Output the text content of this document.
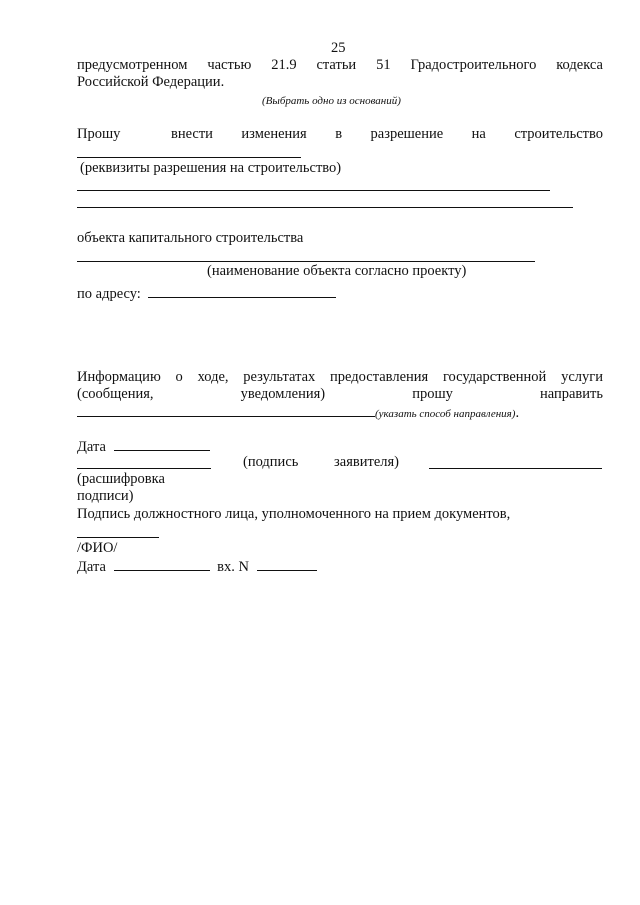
25
предусмотренном частью 21.9 статьи 51 Градостроительного кодекса
Российской Федерации.
(Выбрать одно из оснований)
Прошу	внести изменения в разрешение на строительство
(реквизиты разрешения на строительство)
объекта капитального строительства
(наименование объекта согласно проекту)
по адресу:
Информацию о ходе, результатах предоставления государственной услуги
(сообщения,	уведомления)	прошу	направить
(указать способ направления).
Дата
(подпись заявителя)
(расшифровка
подписи)
Подпись должностного лица, уполномоченного на прием документов,
/ФИО/
Дата	вх. N
